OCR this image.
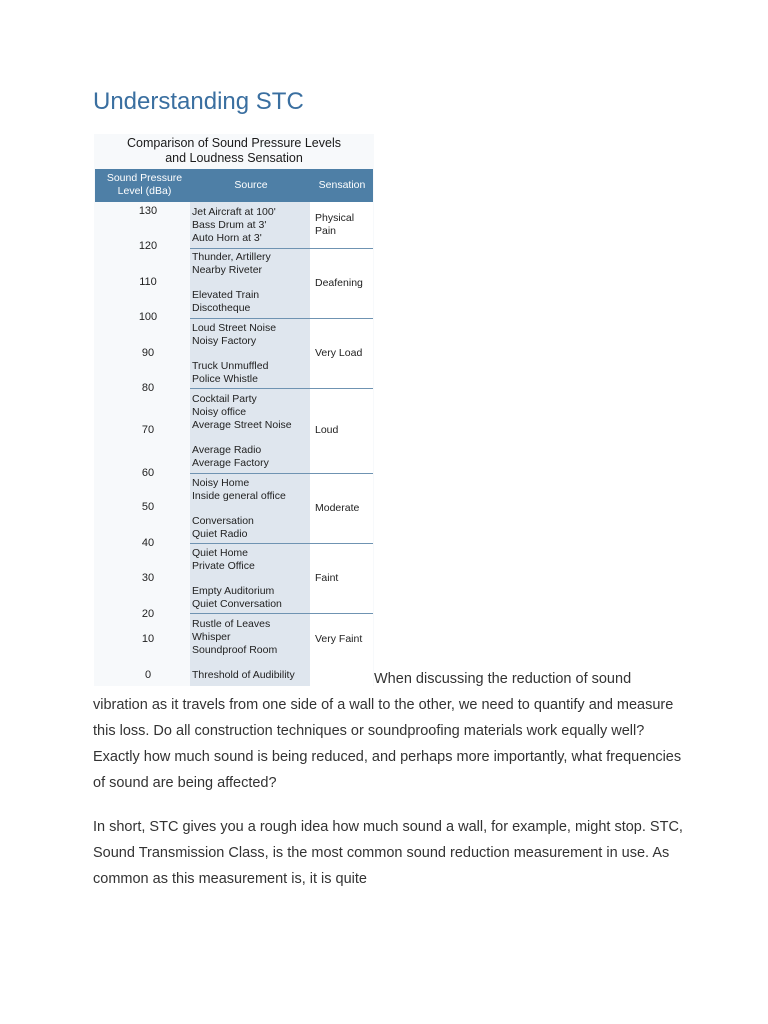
Understanding STC
Comparison of Sound Pressure Levels
and Loudness Sensation
Sound Pressure
Level (dBa)	Source	Sensation
130
120
110
100
90
80
70
60
50
40
30
20
10
0
Jet Aircraft at 100'
Bass Drum at 3'
Auto Horn at 3'
Thunder, Artillery
Nearby Riveter
Elevated Train
Discotheque
Loud Street Noise
Noisy Factory
Truck Unmuffled
Police Whistle
Cocktail Party
Noisy office
Average Street Noise
Average Radio
Average Factory
Noisy Home
Inside general office
Conversation
Quiet Radio
Quiet Home
Private Office
Empty Auditorium
Quiet Conversation
Rustle of Leaves
Whisper
Soundproof Room
Threshold of Audibility
Physical
Pain
Deafening
Very Load
Loud
Moderate
Faint
Very Faint
When discussing the reduction of sound

vibration as it travels from one side of a wall to the other, we need to quantify and measure this loss. Do all construction techniques or soundproofing materials work equally well? Exactly how much sound is being reduced, and perhaps more importantly, what frequencies of sound are being affected?

In short, STC gives you a rough idea how much sound a wall, for example, might stop. STC, Sound Transmission Class, is the most common sound reduction measurement in use. As common as this measurement is, it is quite
